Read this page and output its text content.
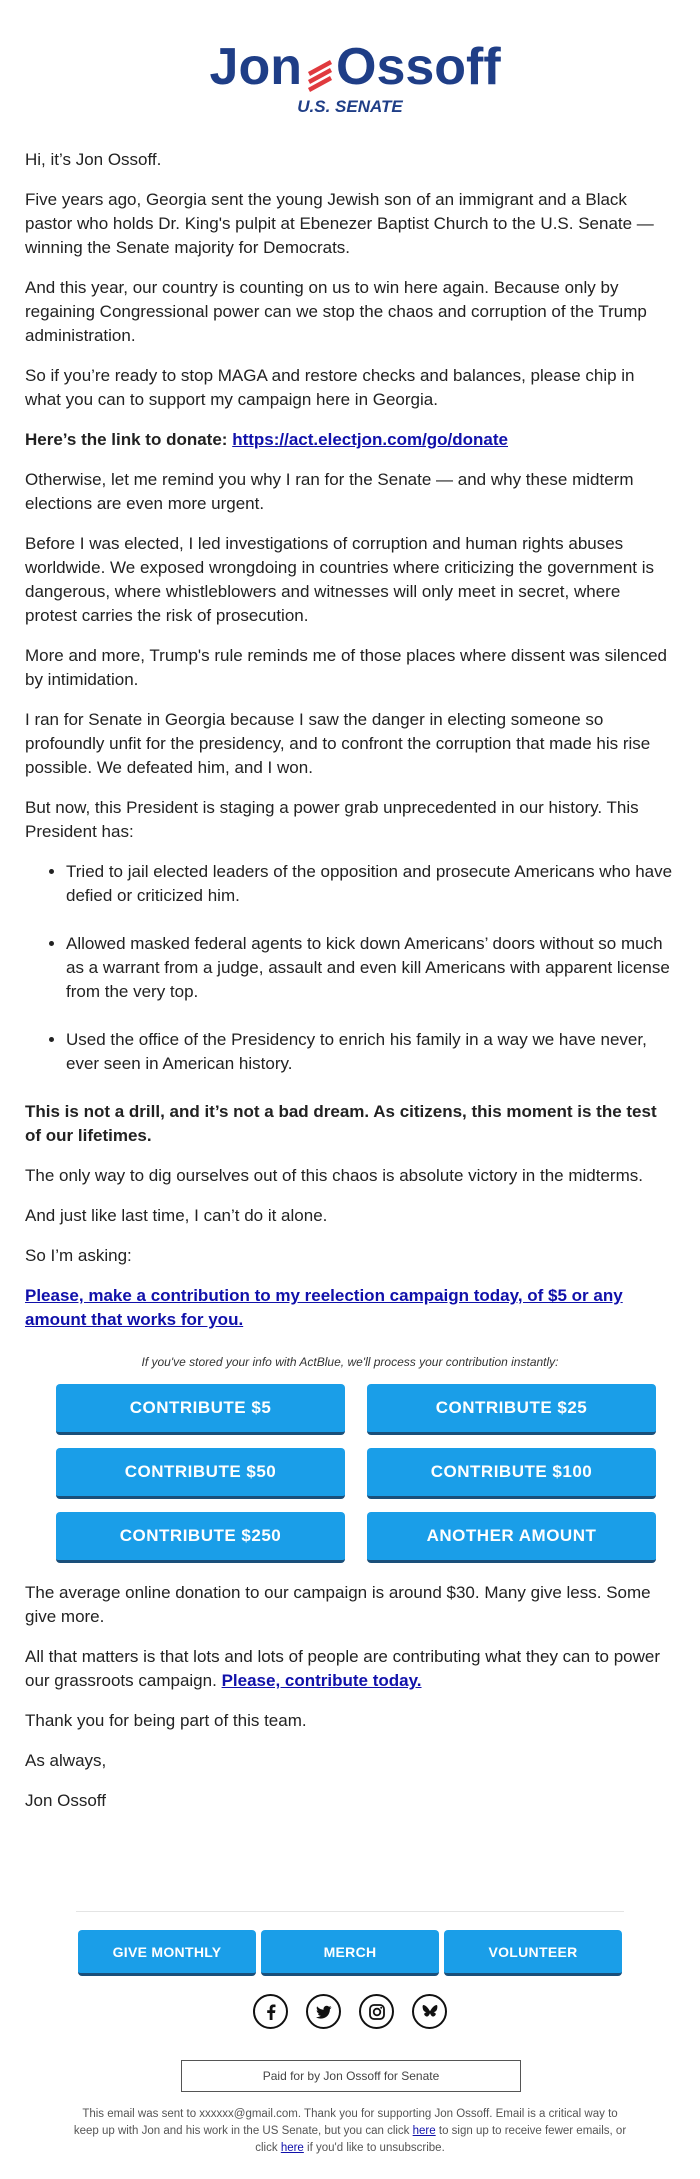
Jon Ossoff
U.S. SENATE

Hi, it’s Jon Ossoff.

Five years ago, Georgia sent the young Jewish son of an immigrant and a Black pastor who holds Dr. King's pulpit at Ebenezer Baptist Church to the U.S. Senate — winning the Senate majority for Democrats.

And this year, our country is counting on us to win here again. Because only by regaining Congressional power can we stop the chaos and corruption of the Trump administration.

So if you’re ready to stop MAGA and restore checks and balances, please chip in what you can to support my campaign here in Georgia.

Here’s the link to donate: https://act.electjon.com/go/donate

Otherwise, let me remind you why I ran for the Senate — and why these midterm elections are even more urgent.

Before I was elected, I led investigations of corruption and human rights abuses worldwide. We exposed wrongdoing in countries where criticizing the government is dangerous, where whistleblowers and witnesses will only meet in secret, where protest carries the risk of prosecution.

More and more, Trump's rule reminds me of those places where dissent was silenced by intimidation.

I ran for Senate in Georgia because I saw the danger in electing someone so profoundly unfit for the presidency, and to confront the corruption that made his rise possible. We defeated him, and I won.

But now, this President is staging a power grab unprecedented in our history. This President has:

• Tried to jail elected leaders of the opposition and prosecute Americans who have defied or criticized him.
• Allowed masked federal agents to kick down Americans’ doors without so much as a warrant from a judge, assault and even kill Americans with apparent license from the very top.
• Used the office of the Presidency to enrich his family in a way we have never, ever seen in American history.

This is not a drill, and it’s not a bad dream. As citizens, this moment is the test of our lifetimes.

The only way to dig ourselves out of this chaos is absolute victory in the midterms.

And just like last time, I can’t do it alone.

So I’m asking:

Please, make a contribution to my reelection campaign today, of $5 or any amount that works for you.

If you've stored your info with ActBlue, we'll process your contribution instantly:

CONTRIBUTE $5	CONTRIBUTE $25
CONTRIBUTE $50	CONTRIBUTE $100
CONTRIBUTE $250	ANOTHER AMOUNT

The average online donation to our campaign is around $30. Many give less. Some give more.

All that matters is that lots and lots of people are contributing what they can to power our grassroots campaign. Please, contribute today.

Thank you for being part of this team.

As always,

Jon Ossoff

GIVE MONTHLY	MERCH	VOLUNTEER
Paid for by Jon Ossoff for Senate
This email was sent to xxxxxx@gmail.com. Thank you for supporting Jon Ossoff. Email is a critical way to keep up with Jon and his work in the US Senate, but you can click here to sign up to receive fewer emails, or click here if you'd like to unsubscribe.
